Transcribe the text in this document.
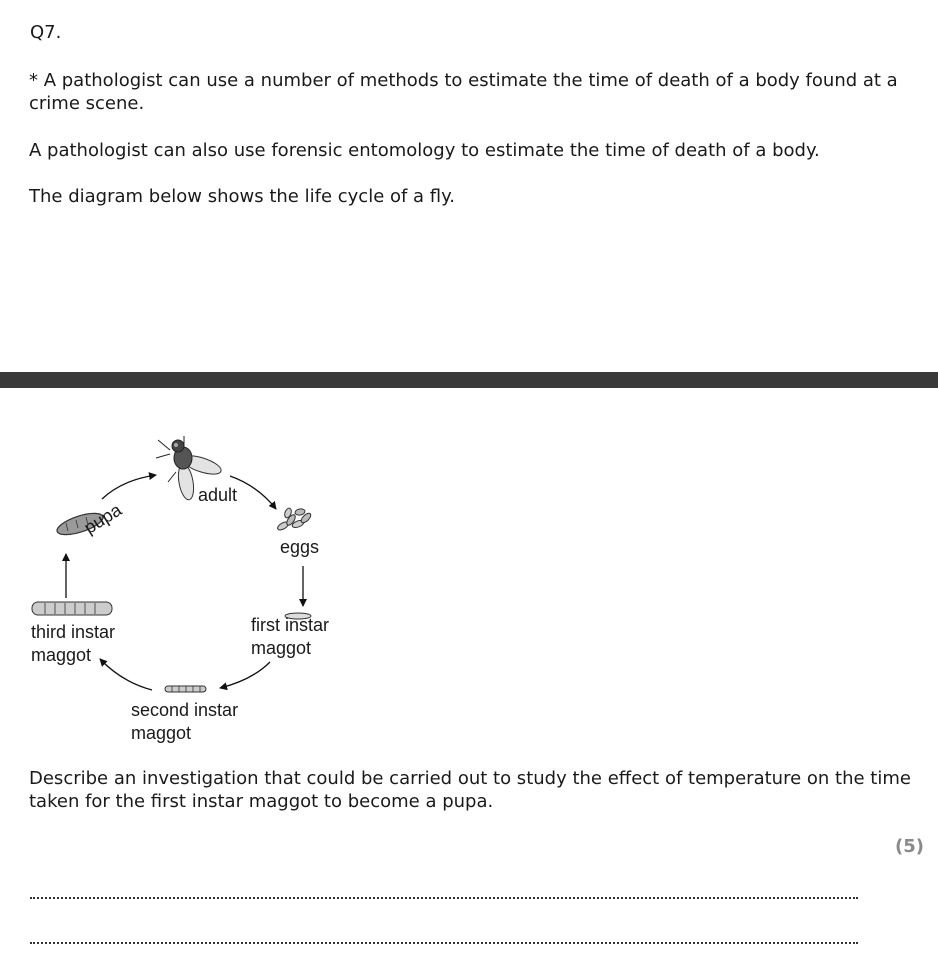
Q7.

* A pathologist can use a number of methods to estimate the time of death of a body found at a crime scene.

A pathologist can also use forensic entomology to estimate the time of death of a body.

The diagram below shows the life cycle of a fly.

adult

eggs

first instar maggot

second instar maggot

third instar maggot

pupa

Describe an investigation that could be carried out to study the effect of temperature on the time taken for the first instar maggot to become a pupa.

(5)
